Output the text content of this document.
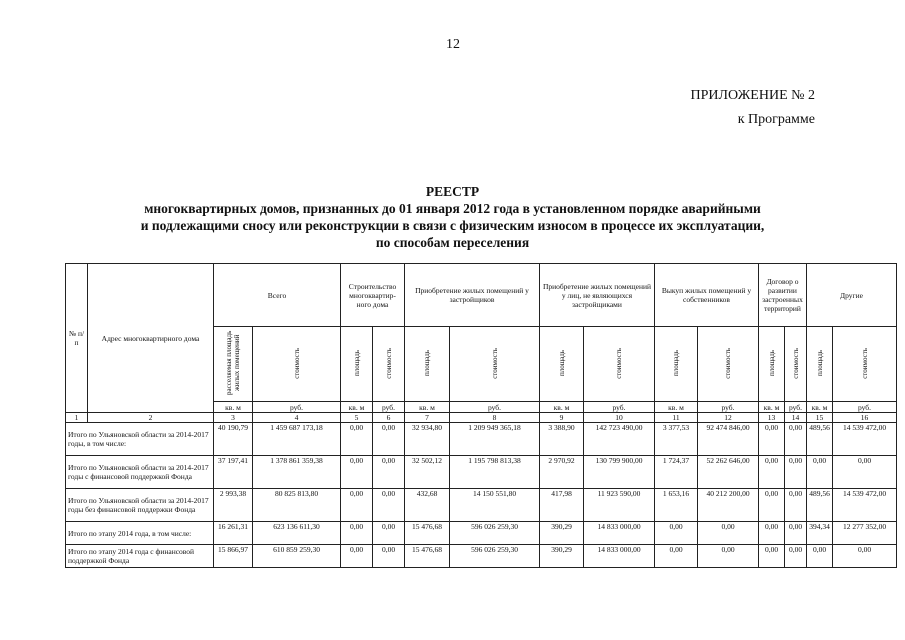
12
ПРИЛОЖЕНИЕ № 2
к Программе
РЕЕСТР
многоквартирных домов, признанных до 01 января 2012 года в установленном порядке аварийными
и подлежащими сносу или реконструкции в связи с физическим износом в процессе их эксплуатации,
по способам переселения
№ п/п	Адрес многоквартирного дома	Всего		Строительство многоквартир-ного дома		Приобретение жилых помещений у застройщиков		Приобретение жилых помещений у лиц, не являющихся застройщиками		Выкуп жилых помещений у собственников		Договор о развитии застроенных территорий		Другие	
		расселяемая площадь жилых помещений	стоимость	площадь	стоимость	площадь	стоимость	площадь	стоимость	площадь	стоимость	площадь	стоимость	площадь	стоимость
		кв. м	руб.	кв. м	руб.	кв. м	руб.	кв. м	руб.	кв. м	руб.	кв. м	руб.	кв. м	руб.
1	2	3	4	5	6	7	8	9	10	11	12	13	14	15	16
Итого по Ульяновской области за 2014-2017 годы, в том числе:		40 190,79	1 459 687 173,18	0,00	0,00	32 934,80	1 209 949 365,18	3 388,90	142 723 490,00	3 377,53	92 474 846,00	0,00	0,00	489,56	14 539 472,00
Итого по Ульяновской области за 2014-2017 годы с финансовой поддержкой Фонда		37 197,41	1 378 861 359,38	0,00	0,00	32 502,12	1 195 798 813,38	2 970,92	130 799 900,00	1 724,37	52 262 646,00	0,00	0,00	0,00	0,00
Итого по Ульяновской области за 2014-2017 годы без финансовой поддержки Фонда		2 993,38	80 825 813,80	0,00	0,00	432,68	14 150 551,80	417,98	11 923 590,00	1 653,16	40 212 200,00	0,00	0,00	489,56	14 539 472,00
Итого по этапу 2014 года, в том числе:		16 261,31	623 136 611,30	0,00	0,00	15 476,68	596 026 259,30	390,29	14 833 000,00	0,00	0,00	0,00	0,00	394,34	12 277 352,00
Итого по этапу 2014 года с финансовой поддержкой Фонда		15 866,97	610 859 259,30	0,00	0,00	15 476,68	596 026 259,30	390,29	14 833 000,00	0,00	0,00	0,00	0,00	0,00	0,00
